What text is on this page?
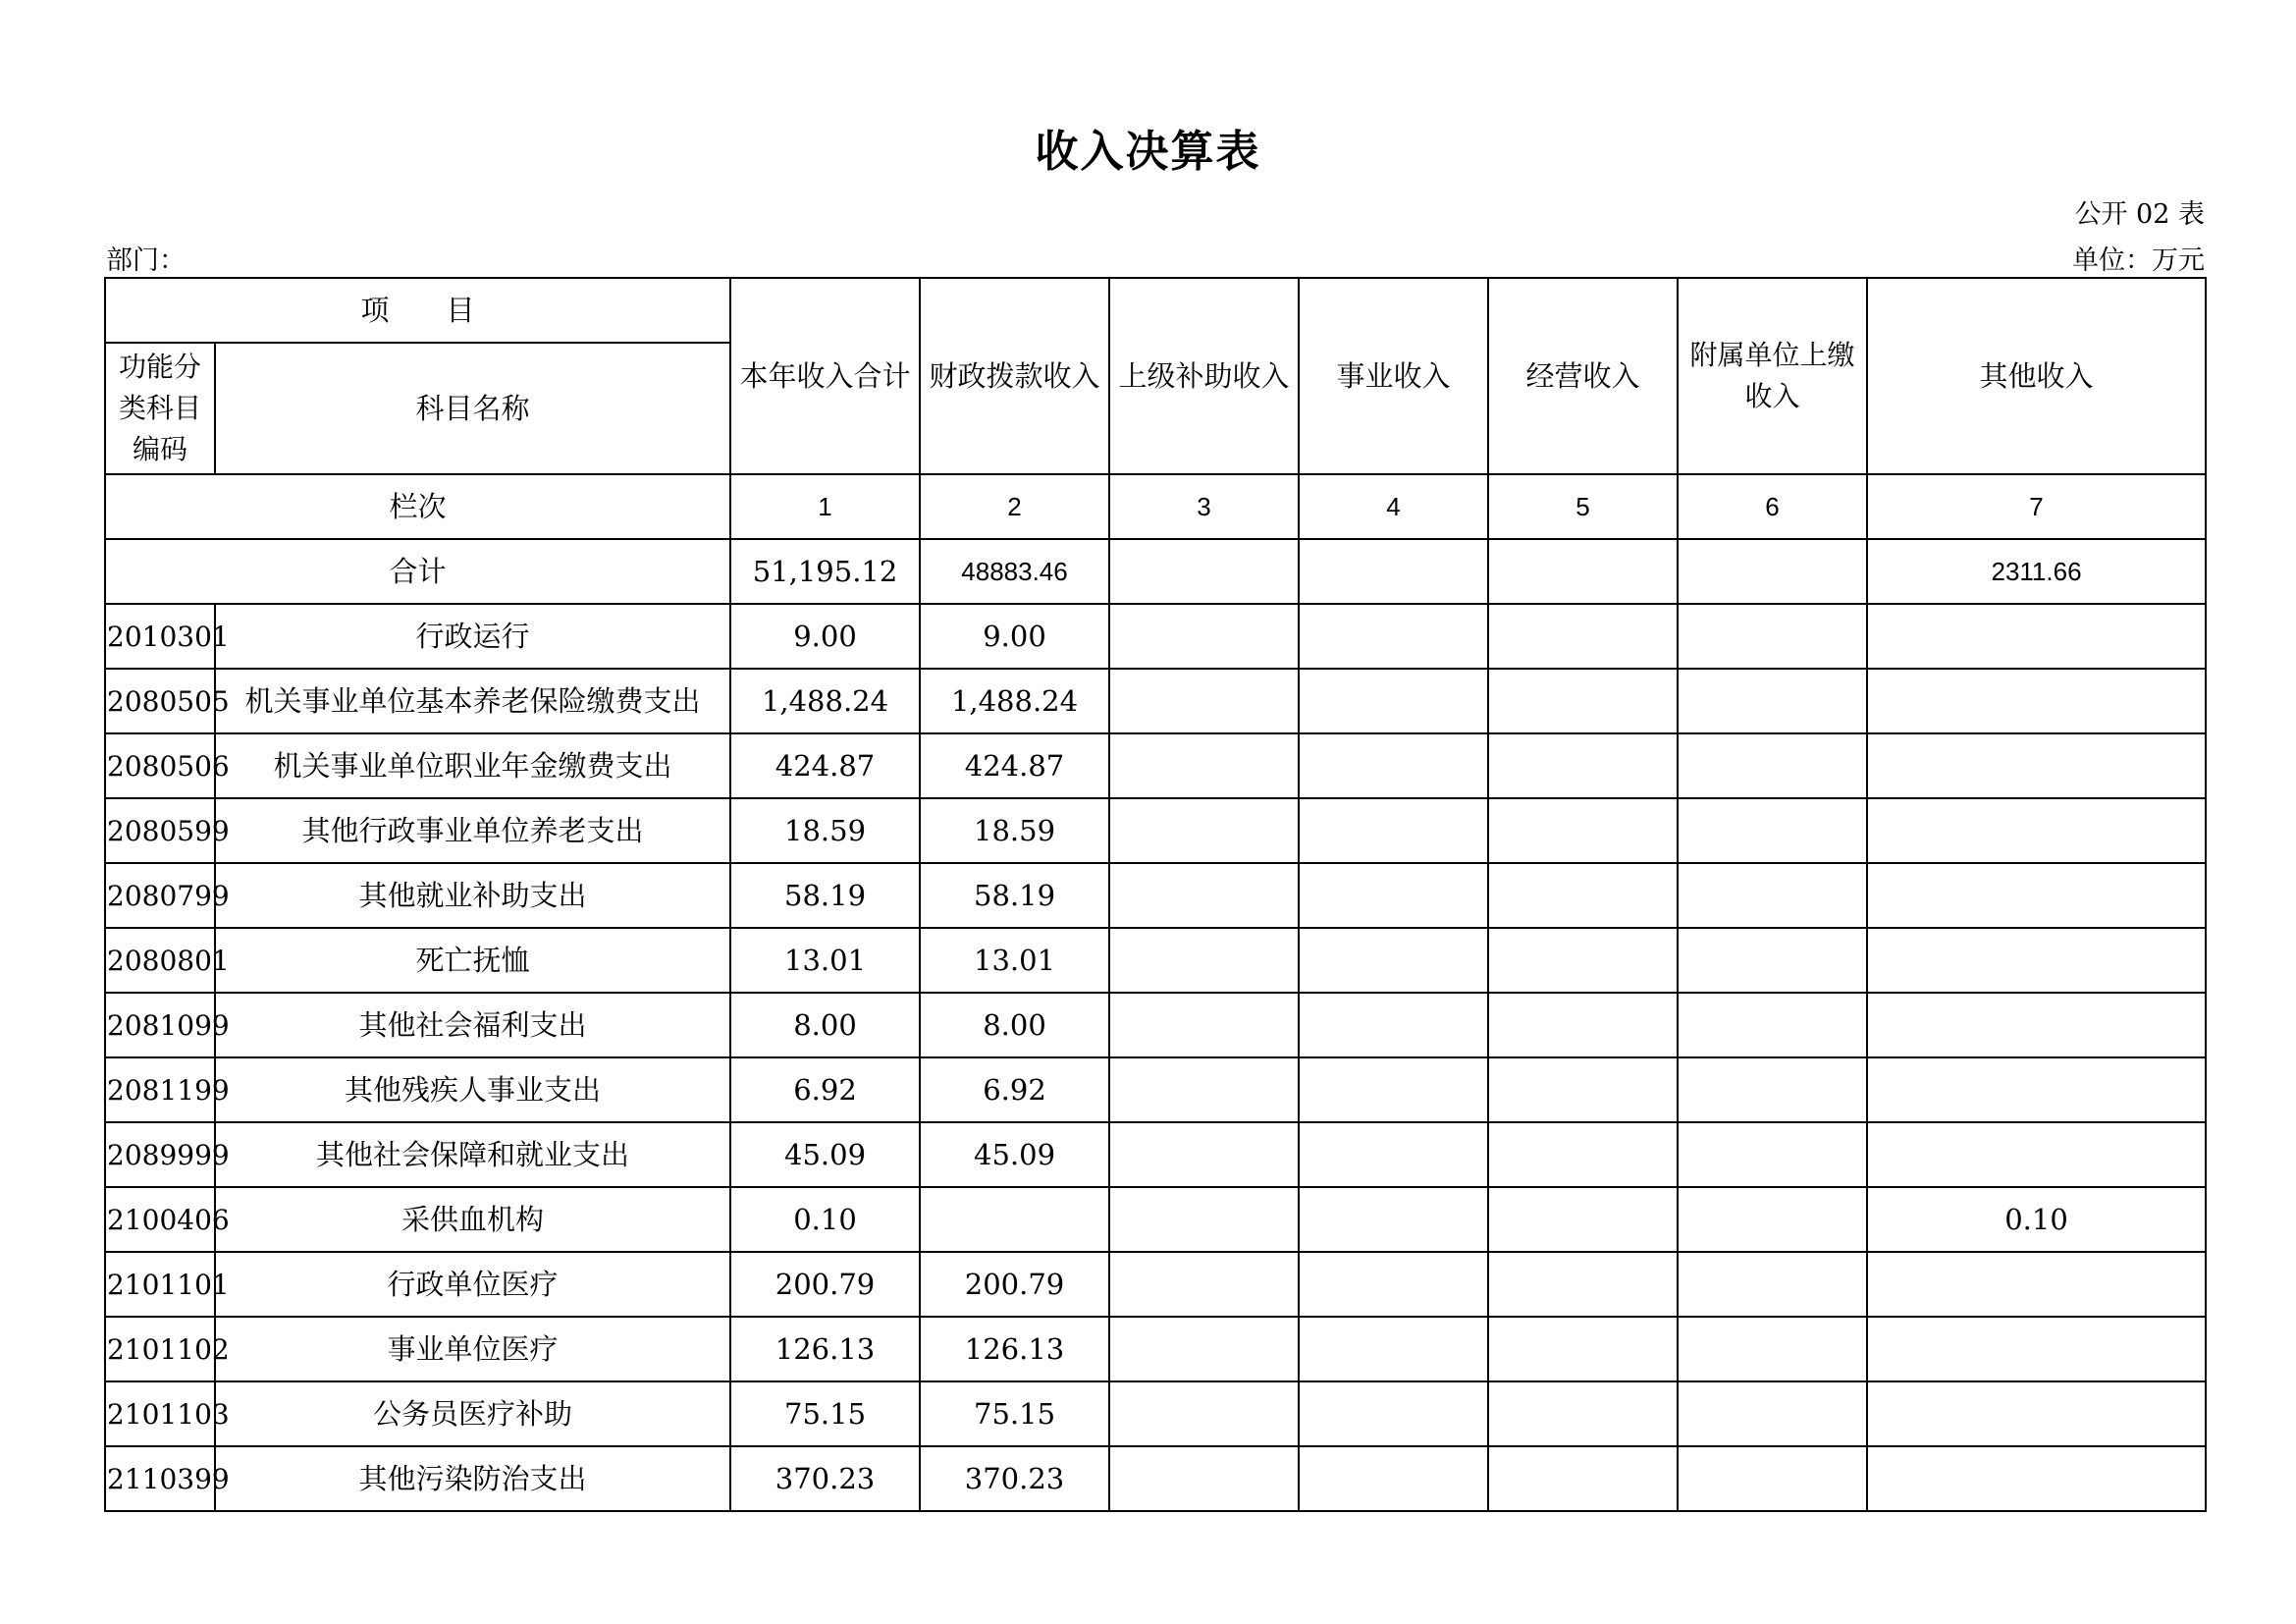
收入决算表
公开 02 表
部门：	单位：万元
项　　目		本年收入合计	财政拨款收入	上级补助收入	事业收入	经营收入	附属单位上缴收入	其他收入
功能分类科目编码	科目名称							
栏次		1	2	3	4	5	6	7
合计		51,195.12	48883.46					2311.66
2010301	行政运行	9.00	9.00					
2080505	机关事业单位基本养老保险缴费支出	1,488.24	1,488.24					
2080506	机关事业单位职业年金缴费支出	424.87	424.87					
2080599	其他行政事业单位养老支出	18.59	18.59					
2080799	其他就业补助支出	58.19	58.19					
2080801	死亡抚恤	13.01	13.01					
2081099	其他社会福利支出	8.00	8.00					
2081199	其他残疾人事业支出	6.92	6.92					
2089999	其他社会保障和就业支出	45.09	45.09					
2100406	采供血机构	0.10						0.10
2101101	行政单位医疗	200.79	200.79					
2101102	事业单位医疗	126.13	126.13					
2101103	公务员医疗补助	75.15	75.15					
2110399	其他污染防治支出	370.23	370.23					
